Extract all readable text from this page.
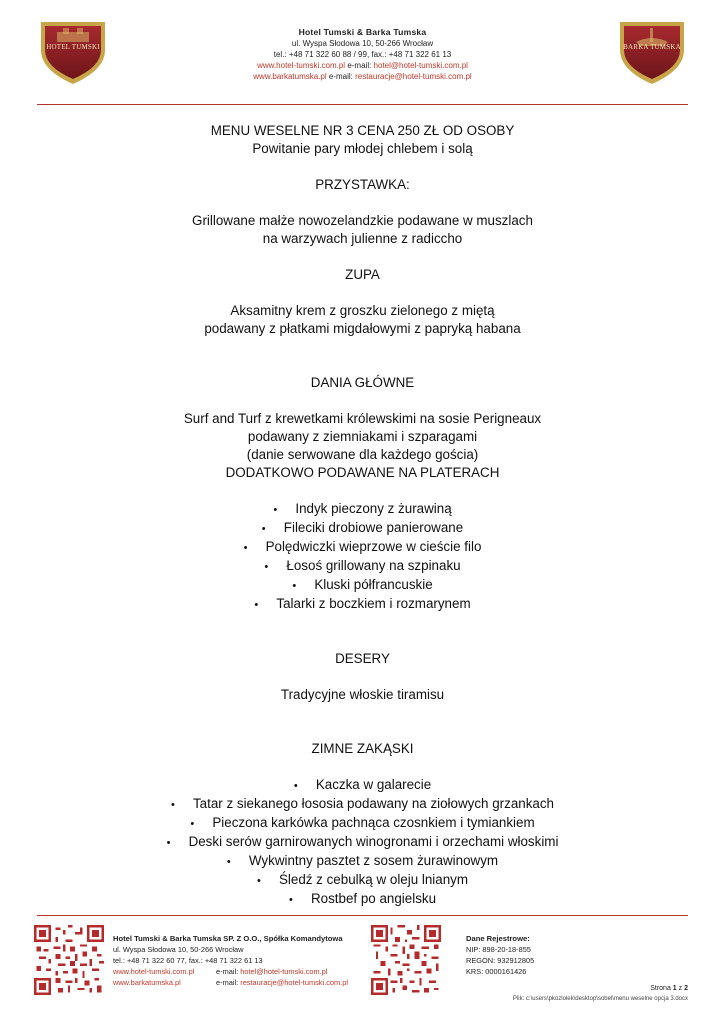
HOTEL TUMSKI
Hotel Tumski & Barka Tumska
ul. Wyspa Słodowa 10, 50-266 Wrocław
tel.: +48 71 322 60 88 / 99, fax.: +48 71 322 61 13
www.hotel-tumski.com.pl e-mail: hotel@hotel-tumski.com.pl
www.barkatumska.pl e-mail: restauracje@hotel-tumski.com.pl
BARKA TUMSKA

MENU WESELNE NR 3 CENA 250 ZŁ OD OSOBY

Powitanie pary młodej chlebem i solą

PRZYSTAWKA:

Grillowane małże nowozelandzkie podawane w muszlach

na warzywach julienne z radiccho

ZUPA

Aksamitny krem z groszku zielonego z miętą

podawany z płatkami migdałowymi z papryką habana

DANIA GŁÓWNE

Surf and Turf z krewetkami królewskimi na sosie Perigneaux

podawany z ziemniakami i szparagami

(danie serwowane dla każdego gościa)

DODATKOWO PODAWANE NA PLATERACH

• Indyk pieczony z żurawiną
• Fileciki drobiowe panierowane
• Polędwiczki wieprzowe w cieście filo
• Łosoś grillowany na szpinaku
• Kluski półfrancuskie
• Talarki z boczkiem i rozmarynem

DESERY

Tradycyjne włoskie tiramisu

ZIMNE ZAKĄSKI

• Kaczka w galarecie
• Tatar z siekanego łososia podawany na ziołowych grzankach
• Pieczona karkówka pachnąca czosnkiem i tymiankiem
• Deski serów garnirowanych winogronami i orzechami włoskimi
• Wykwintny pasztet z sosem żurawinowym
• Śledź z cebulką w oleju lnianym
• Rostbef po angielsku
Hotel Tumski & Barka Tumska SP. Z O.O., Spółka Komandytowa
ul. Wyspa Słodowa 10, 50-266 Wrocław
tel.: +48 71 322 60 77, fax.: +48 71 322 61 13
www.hotel-tumski.com.pl	e-mail: hotel@hotel-tumski.com.pl
www.barkatumska.pl	e-mail: restauracje@hotel-tumski.com.pl
Dane Rejestrowe:
NIP: 898-20-18-855
REGON: 932912805
KRS: 0000161426
Strona 1 z 2
Plik: c:\users\pkozlolek\desktop\sobel\menu weselne opcja 3.docx
